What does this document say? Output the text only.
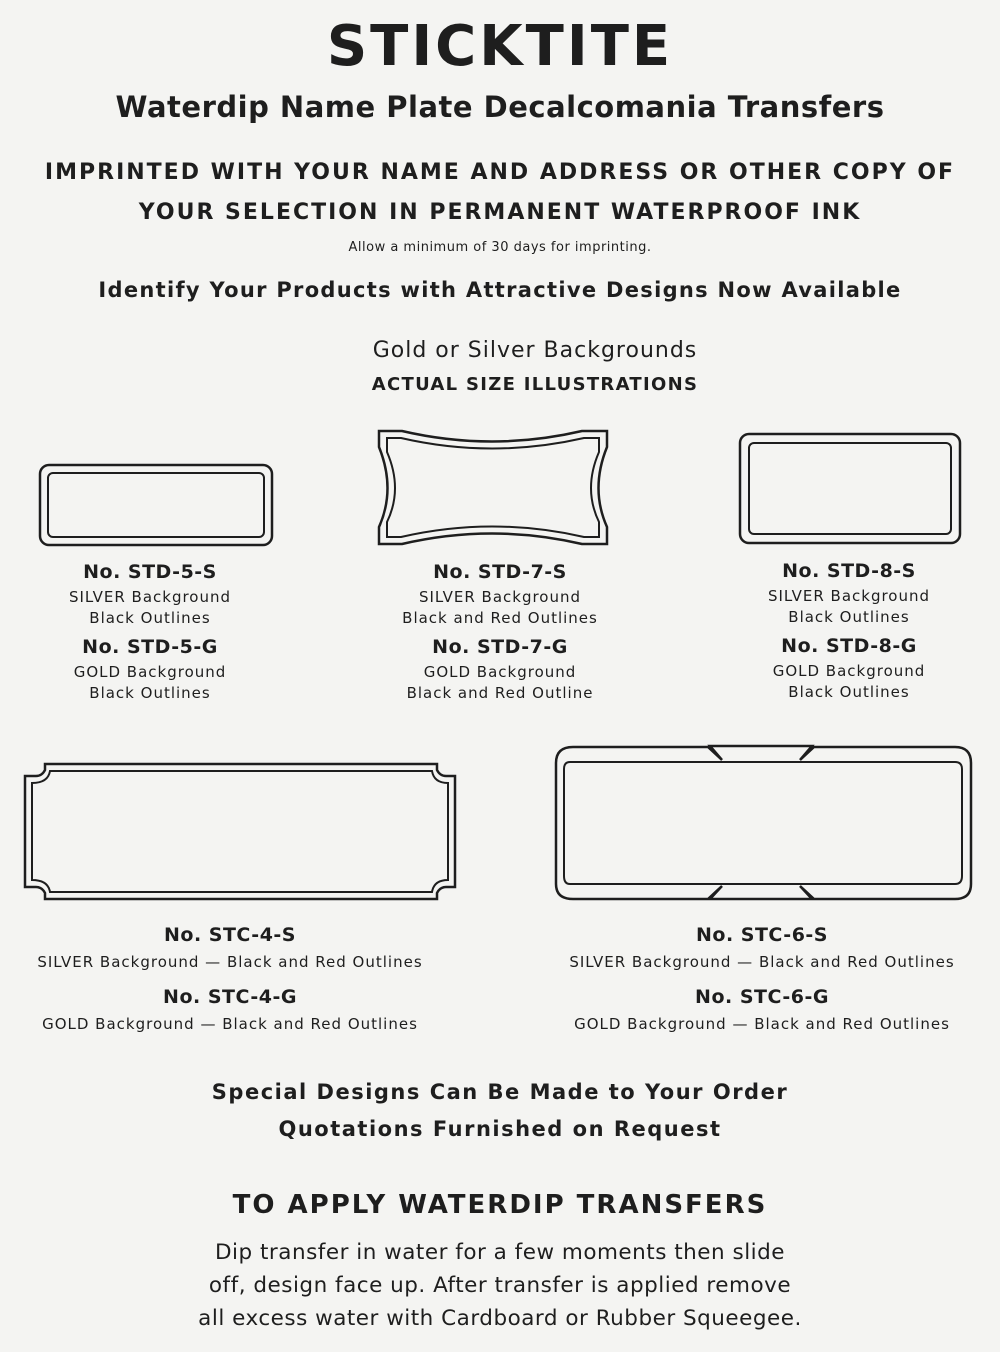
STICKTITE
Waterdip Name Plate Decalcomania Transfers
IMPRINTED WITH YOUR NAME AND ADDRESS OR OTHER COPY OF
YOUR SELECTION IN PERMANENT WATERPROOF INK
Allow a minimum of 30 days for imprinting.
Identify Your Products with Attractive Designs Now Available
Gold or Silver Backgrounds
ACTUAL SIZE ILLUSTRATIONS
No. STD-5-S
SILVER Background
Black Outlines
No. STD-5-G
GOLD Background
Black Outlines
No. STD-7-S
SILVER Background
Black and Red Outlines
No. STD-7-G
GOLD Background
Black and Red Outline
No. STD-8-S
SILVER Background
Black Outlines
No. STD-8-G
GOLD Background
Black Outlines
No. STC-4-S
SILVER Background — Black and Red Outlines
No. STC-4-G
GOLD Background — Black and Red Outlines
No. STC-6-S
SILVER Background — Black and Red Outlines
No. STC-6-G
GOLD Background — Black and Red Outlines
Special Designs Can Be Made to Your Order
Quotations Furnished on Request
TO APPLY WATERDIP TRANSFERS
Dip transfer in water for a few moments then slide
off, design face up. After transfer is applied remove
all excess water with Cardboard or Rubber Squeegee.
